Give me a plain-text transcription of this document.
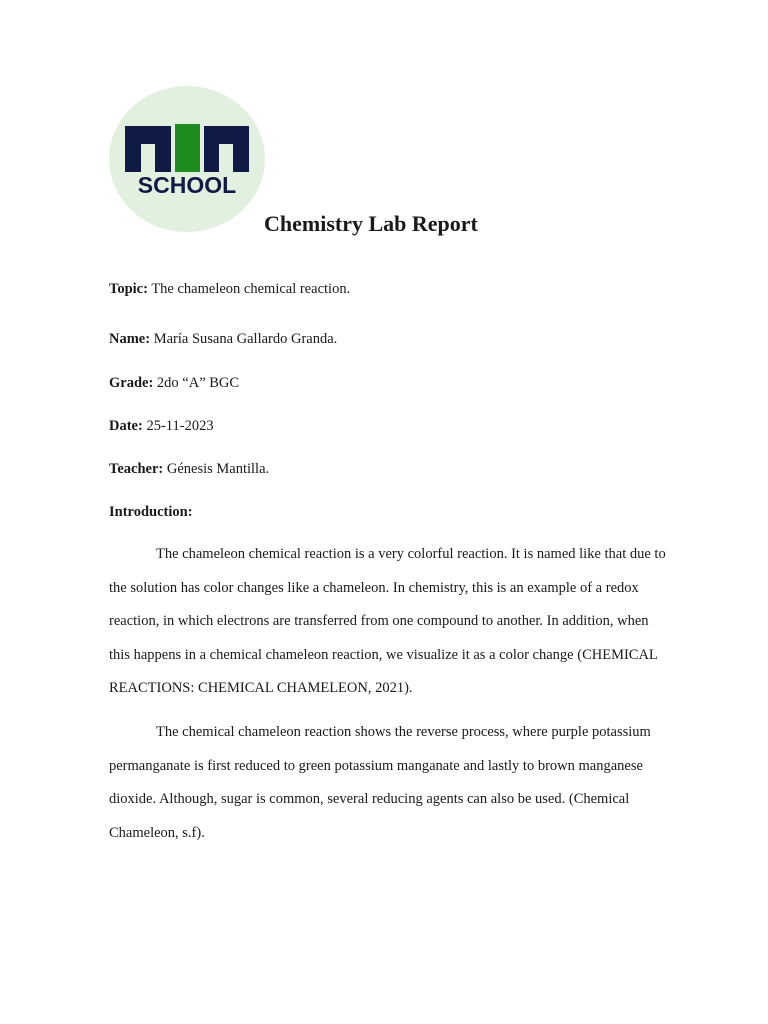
SCHOOL
Chemistry Lab Report
Topic: The chameleon chemical reaction.
Name: María Susana Gallardo Granda.
Grade: 2do “A” BGC
Date: 25-11-2023
Teacher: Génesis Mantilla.
Introduction:

The chameleon chemical reaction is a very colorful reaction. It is named like that due to the solution has color changes like a chameleon. In chemistry, this is an example of a redox reaction, in which electrons are transferred from one compound to another. In addition, when this happens in a chemical chameleon reaction, we visualize it as a color change (CHEMICAL REACTIONS: CHEMICAL CHAMELEON, 2021).

The chemical chameleon reaction shows the reverse process, where purple potassium permanganate is first reduced to green potassium manganate and lastly to brown manganese dioxide. Although, sugar is common, several reducing agents can also be used. (Chemical Chameleon, s.f).
